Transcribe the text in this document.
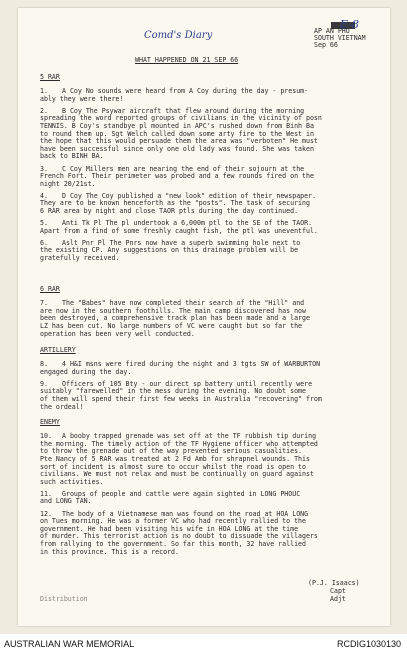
Comd's Diary
E-8
AP AN PHU
SOUTH VIETNAM
Sep 66
WHAT HAPPENED ON 21 SEP 66
5 RAR
1. A Coy No sounds were heard from A Coy during the day - presum-
ably they were there!
2. B Coy The Psywar aircraft that flew around during the morning
spreading the word reported groups of civilians in the vicinity of posn
TENNIS. B Coy's standbye pl mounted in APC's rushed down from Binh Ba
to round them up. Sgt Welch called down some arty fire to the West in
the hope that this would persuade them the area was "verboten" He must
have been successful since only one old lady was found. She was taken
back to BINH BA.
3. C Coy Millers men are nearing the end of their sojourn at the
French Fort. Their perimeter was probed and a few rounds fired on the
night 20/21st.
4. D Coy The Coy published a "new look" edition of their newspaper.
They are to be known henceforth as the "posts". The task of securing
6 RAR area by night and close TAOR ptls during the day continued.
5. Anti Tk Pl The pl undertook a 6,000m ptl to the SE of the TAOR.
Apart from a find of some freshly caught fish, the ptl was uneventful.
6. Aslt Pnr Pl The Pnrs now have a superb swimming hole next to
the existing CP. Any suggestions on this drainage problem will be
gratefully received.
6 RAR
7. The "Babes" have now completed their search of the "Hill" and
are now in the southern foothills. The main camp discovered has now
been destroyed, a comprehensive track plan has been made and a large
LZ has been cut. No large numbers of VC were caught but so far the
operation has been very well conducted.
ARTILLERY
8. 4 H&I msns were fired during the night and 3 tgts SW of WARBURTON
engaged during the day.
9. Officers of 105 Bty - our direct sp battery until recently were
suitably "farewelled" in the mess during the evening. No doubt some
of them will spend their first few weeks in Australia "recovering" from
the ordeal!
ENEMY
10. A booby trapped grenade was set off at the TF rubbish tip during
the morning. The timely action of the TF Hygiene officer who attempted
to throw the grenade out of the way prevented serious casualities.
Pte Nancy of 5 RAR was treated at 2 Fd Amb for shrapnel wounds. This
sort of incident is almost sure to occur whilst the road is open to
civilians. We must not relax and must be continually on guard against
such activities.
11. Groups of people and cattle were again sighted in LONG PHOUC
and LONG TAN.
12. The body of a Vietnamese man was found on the road at HOA LONG
on Tues morning. He was a former VC who had recently rallied to the
government. He had been visiting his wife in HOA LONG at the time
of murder. This terrorist action is no doubt to dissuade the villagers
from rallying to the government. So far this month, 32 have rallied
in this province. This is a record.
(P.J. Isaacs)
Capt
Adjt
Distribution
AUSTRALIAN WAR MEMORIAL	RCDIG1030130
